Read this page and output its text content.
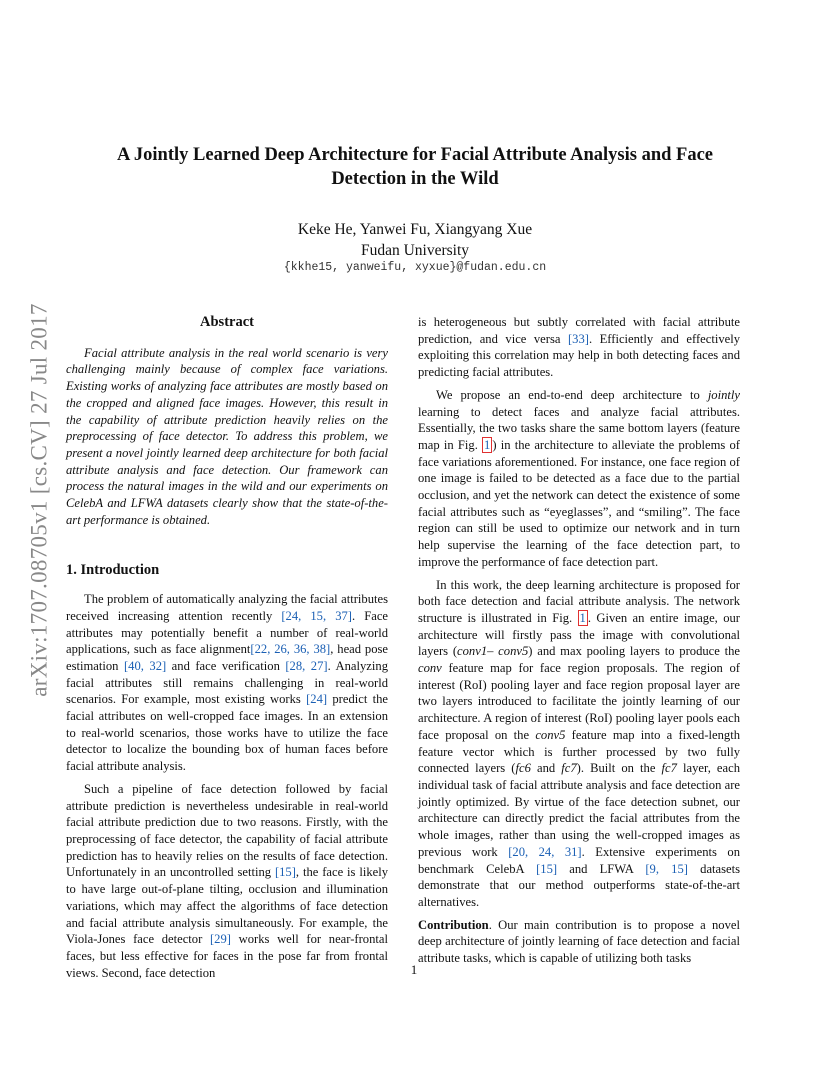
arXiv:1707.08705v1 [cs.CV] 27 Jul 2017
A Jointly Learned Deep Architecture for Facial Attribute Analysis and Face Detection in the Wild
Keke He, Yanwei Fu, Xiangyang Xue
Fudan University
{kkhe15, yanweifu, xyxue}@fudan.edu.cn
Abstract

Facial attribute analysis in the real world scenario is very challenging mainly because of complex face variations. Existing works of analyzing face attributes are mostly based on the cropped and aligned face images. However, this result in the capability of attribute prediction heavily relies on the preprocessing of face detector. To address this problem, we present a novel jointly learned deep architecture for both facial attribute analysis and face detection. Our framework can process the natural images in the wild and our experiments on CelebA and LFWA datasets clearly show that the state-of-the-art performance is obtained.

1. Introduction

The problem of automatically analyzing the facial attributes received increasing attention recently [24, 15, 37]. Face attributes may potentially benefit a number of real-world applications, such as face alignment[22, 26, 36, 38], head pose estimation [40, 32] and face verification [28, 27]. Analyzing facial attributes still remains challenging in real-world scenarios. For example, most existing works [24] predict the facial attributes on well-cropped face images. In an extension to real-world scenarios, those works have to utilize the face detector to localize the bounding box of human faces before facial attribute analysis.

Such a pipeline of face detection followed by facial attribute prediction is nevertheless undesirable in real-world facial attribute prediction due to two reasons. Firstly, with the preprocessing of face detector, the capability of facial attribute prediction has to heavily relies on the results of face detection. Unfortunately in an uncontrolled setting [15], the face is likely to have large out-of-plane tilting, occlusion and illumination variations, which may affect the algorithms of face detection and facial attribute analysis simultaneously. For example, the Viola-Jones face detector [29] works well for near-frontal faces, but less effective for faces in the pose far from frontal views. Second, face detection

is heterogeneous but subtly correlated with facial attribute prediction, and vice versa [33]. Efficiently and effectively exploiting this correlation may help in both detecting faces and predicting facial attributes.

We propose an end-to-end deep architecture to jointly learning to detect faces and analyze facial attributes. Essentially, the two tasks share the same bottom layers (feature map in Fig. 1 ) in the architecture to alleviate the problems of face variations aforementioned. For instance, one face region of one image is failed to be detected as a face due to the partial occlusion, and yet the network can detect the existence of some facial attributes such as “eyeglasses”, and “smiling”. The face region can still be used to optimize our network and in turn help supervise the learning of the face detection part, to improve the performance of face detection part.

In this work, the deep learning architecture is proposed for both face detection and facial attribute analysis. The network structure is illustrated in Fig. 1 . Given an entire image, our architecture will firstly pass the image with convolutional layers (conv1– conv5) and max pooling layers to produce the conv feature map for face region proposals. The region of interest (RoI) pooling layer and face region proposal layer are two layers introduced to facilitate the jointly learning of our architecture. A region of interest (RoI) pooling layer pools each face proposal on the conv5 feature map into a fixed-length feature vector which is further processed by two fully connected layers (fc6 and fc7). Built on the fc7 layer, each individual task of facial attribute analysis and face detection are jointly optimized. By virtue of the face detection subnet, our architecture can directly predict the facial attributes from the whole images, rather than using the well-cropped images as previous work [20, 24, 31]. Extensive experiments on benchmark CelebA [15] and LFWA [9, 15] datasets demonstrate that our method outperforms state-of-the-art alternatives.

Contribution. Our main contribution is to propose a novel deep architecture of jointly learning of face detection and facial attribute tasks, which is capable of utilizing both tasks

1
